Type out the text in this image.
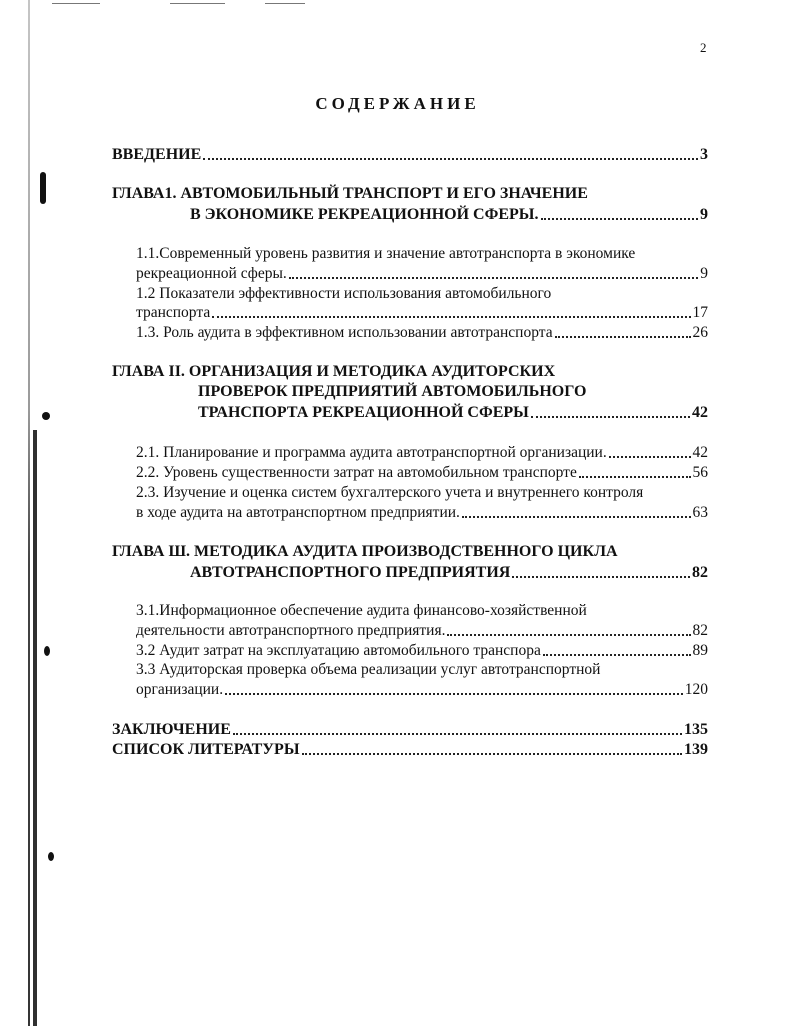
2
СОДЕРЖАНИЕ
ВВЕДЕНИЕ	3
ГЛАВА1. АВТОМОБИЛЬНЫЙ ТРАНСПОРТ И ЕГО ЗНАЧЕНИЕ
В ЭКОНОМИКЕ РЕКРЕАЦИОННОЙ СФЕРЫ.	9
1.1.Современный уровень развития и значение автотранспорта в экономике
рекреационной сферы.	9
1.2 Показатели эффективности использования автомобильного
транспорта	17
1.3. Роль аудита в эффективном использовании автотранспорта	26
ГЛАВА II. ОРГАНИЗАЦИЯ И МЕТОДИКА АУДИТОРСКИХ
ПРОВЕРОК ПРЕДПРИЯТИЙ АВТОМОБИЛЬНОГО
ТРАНСПОРТА РЕКРЕАЦИОННОЙ СФЕРЫ	42
2.1. Планирование и программа аудита автотранспортной организации.	42
2.2. Уровень существенности затрат на автомобильном транспорте	56
2.3. Изучение и оценка систем бухгалтерского учета и внутреннего контроля
в ходе аудита на автотранспортном предприятии.	63
ГЛАВА Ш. МЕТОДИКА АУДИТА ПРОИЗВОДСТВЕННОГО ЦИКЛА
АВТОТРАНСПОРТНОГО ПРЕДПРИЯТИЯ	82
3.1.Информационное обеспечение аудита финансово-хозяйственной
деятельности автотранспортного предприятия.	82
3.2 Аудит затрат на эксплуатацию автомобильного транспора	89
3.3 Аудиторская проверка объема реализации услуг автотранспортной
организации.	120
ЗАКЛЮЧЕНИЕ	135
СПИСОК ЛИТЕРАТУРЫ	139
